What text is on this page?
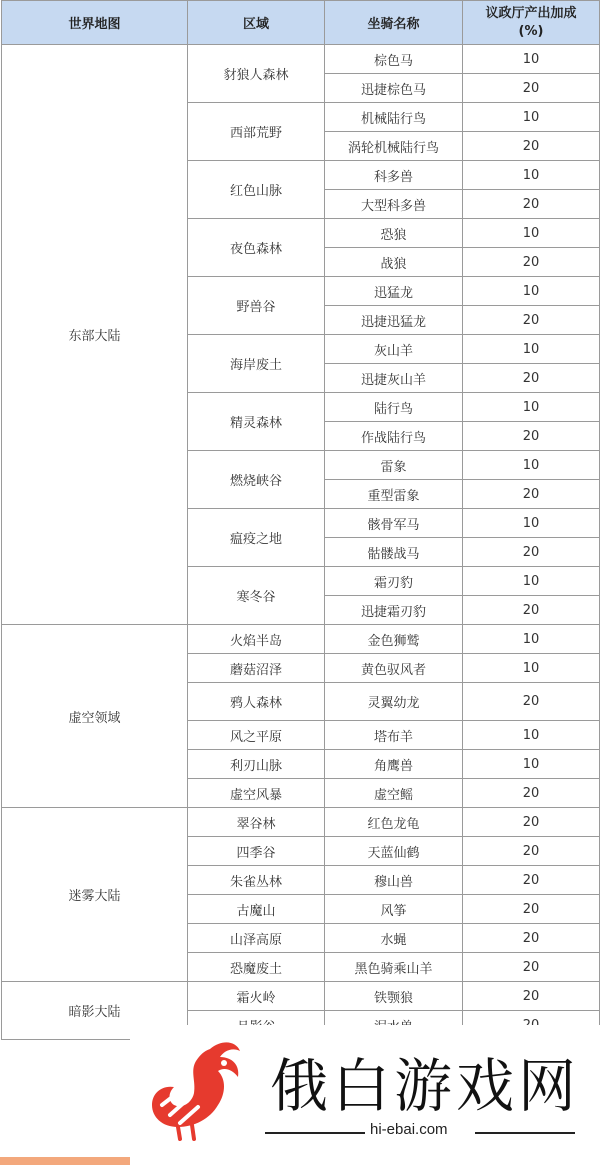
世界地图	区域	坐骑名称	议政厅产出加成
(%)
东部大陆	豺狼人森林	棕色马	10
		迅捷棕色马	20
	西部荒野	机械陆行鸟	10
		涡轮机械陆行鸟	20
	红色山脉	科多兽	10
		大型科多兽	20
	夜色森林	恐狼	10
		战狼	20
	野兽谷	迅猛龙	10
		迅捷迅猛龙	20
	海岸废土	灰山羊	10
		迅捷灰山羊	20
	精灵森林	陆行鸟	10
		作战陆行鸟	20
	燃烧峡谷	雷象	10
		重型雷象	20
	瘟疫之地	骸骨军马	10
		骷髅战马	20
	寒冬谷	霜刃豹	10
		迅捷霜刃豹	20
虚空领域	火焰半岛	金色狮鹫	10
	蘑菇沼泽	黄色驭风者	10
	鸦人森林	灵翼幼龙	20
	风之平原	塔布羊	10
	利刃山脉	角鹰兽	10
	虚空风暴	虚空鳐	20
迷雾大陆	翠谷林	红色龙龟	20
	四季谷	天蓝仙鹤	20
	朱雀丛林	穆山兽	20
	古魔山	风筝	20
	山泽高原	水蝇	20
	恐魔废土	黑色骑乘山羊	20
暗影大陆	霜火岭	铁颚狼	20

俄白游戏网
hi-ebai.com
